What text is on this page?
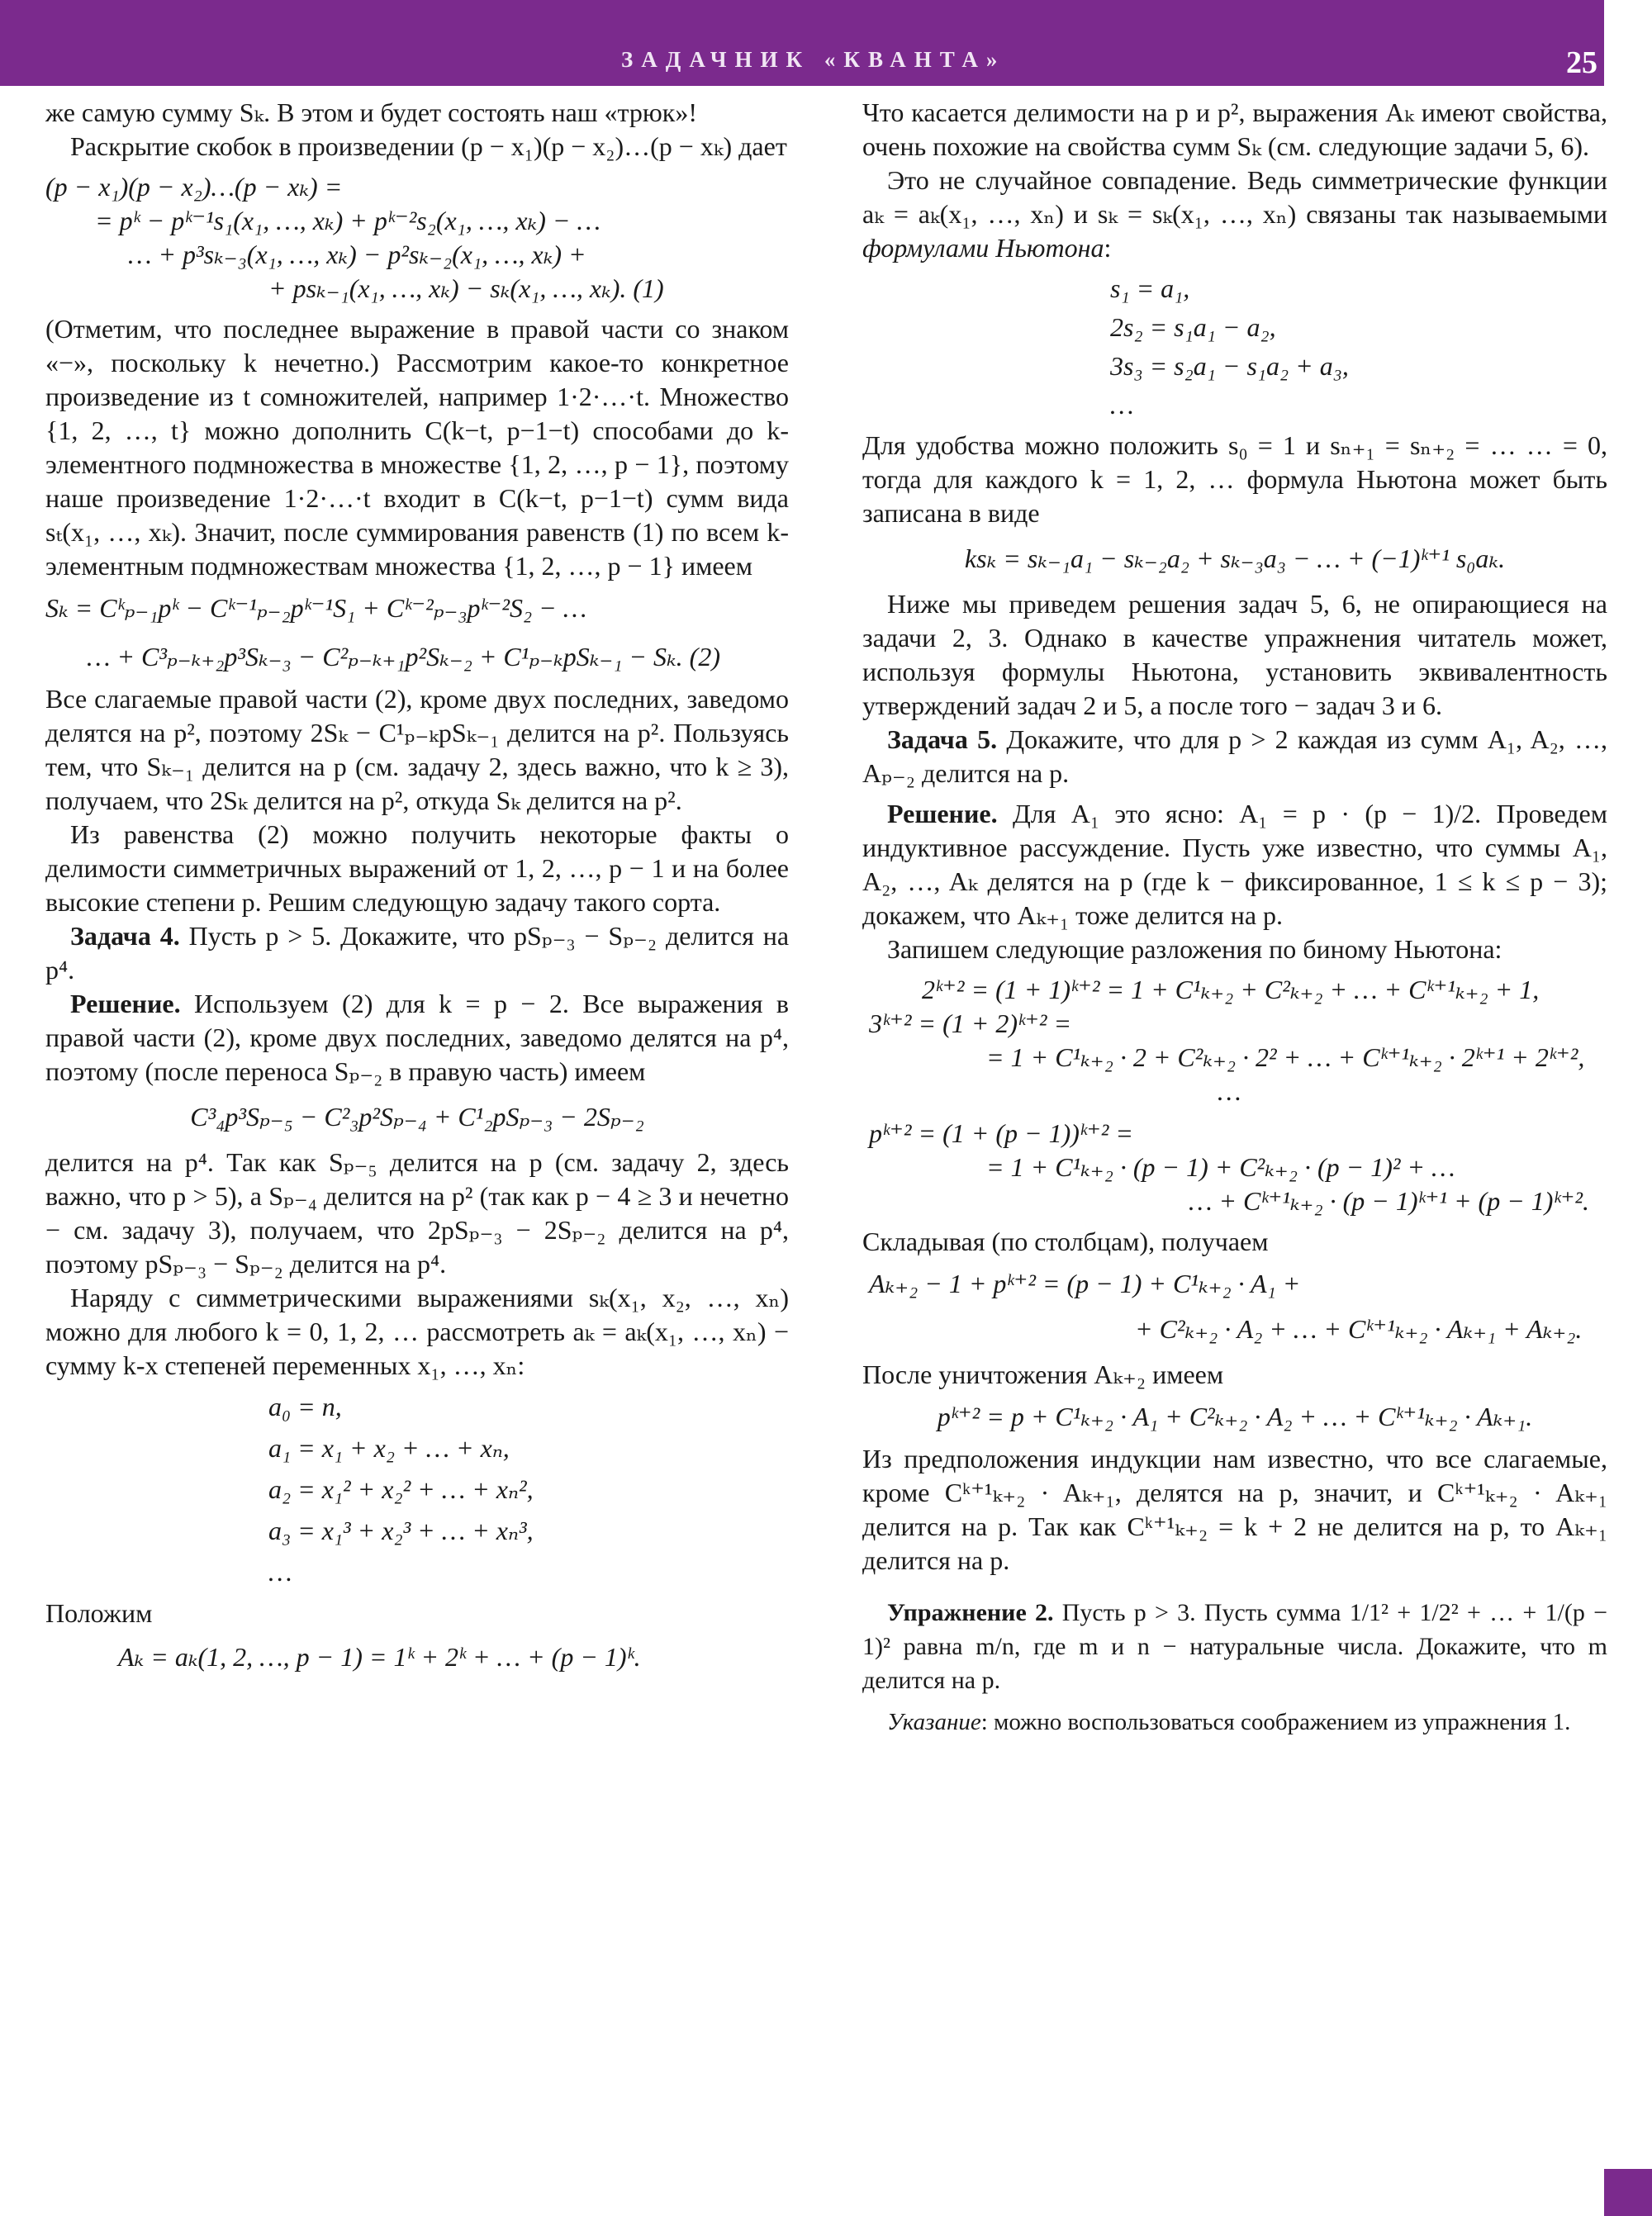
ЗАДАЧНИК «КВАНТА»	25

же самую сумму Sₖ. В этом и будет состоять наш «трюк»!

Раскрытие скобок в произведении (p − x₁)(p − x₂)…(p − xₖ) дает

(p − x₁)(p − x₂)…(p − xₖ) =
= pᵏ − pᵏ⁻¹s₁(x₁, …, xₖ) + pᵏ⁻²s₂(x₁, …, xₖ) − …
… + p³sₖ₋₃(x₁, …, xₖ) − p²sₖ₋₂(x₁, …, xₖ) +
+ psₖ₋₁(x₁, …, xₖ) − sₖ(x₁, …, xₖ). (1)

(Отметим, что последнее выражение в правой части со знаком «−», поскольку k нечетно.) Рассмотрим какое-то конкретное произведение из t сомножителей, например 1·2·…·t. Множество {1, 2, …, t} можно дополнить C(k−t, p−1−t) способами до k-элементного подмножества в множестве {1, 2, …, p − 1}, поэтому наше произведение 1·2·…·t входит в C(k−t, p−1−t) сумм вида sₜ(x₁, …, xₖ). Значит, после суммирования равенств (1) по всем k-элементным подмножествам множества {1, 2, …, p − 1} имеем

Sₖ = Cᵏₚ₋₁pᵏ − Cᵏ⁻¹ₚ₋₂pᵏ⁻¹S₁ + Cᵏ⁻²ₚ₋₃pᵏ⁻²S₂ − …
… + C³ₚ₋ₖ₊₂p³Sₖ₋₃ − C²ₚ₋ₖ₊₁p²Sₖ₋₂ + C¹ₚ₋ₖpSₖ₋₁ − Sₖ. (2)

Все слагаемые правой части (2), кроме двух последних, заведомо делятся на p², поэтому 2Sₖ − C¹ₚ₋ₖpSₖ₋₁ делится на p². Пользуясь тем, что Sₖ₋₁ делится на p (см. задачу 2, здесь важно, что k ≥ 3), получаем, что 2Sₖ делится на p², откуда Sₖ делится на p².

Из равенства (2) можно получить некоторые факты о делимости симметричных выражений от 1, 2, …, p − 1 и на более высокие степени p. Решим следующую задачу такого сорта.

Задача 4. Пусть p > 5. Докажите, что pSₚ₋₃ − Sₚ₋₂ делится на p⁴.

Решение. Используем (2) для k = p − 2. Все выражения в правой части (2), кроме двух последних, заведомо делятся на p⁴, поэтому (после переноса Sₚ₋₂ в правую часть) имеем

C³₄p³Sₚ₋₅ − C²₃p²Sₚ₋₄ + C¹₂pSₚ₋₃ − 2Sₚ₋₂

делится на p⁴. Так как Sₚ₋₅ делится на p (см. задачу 2, здесь важно, что p > 5), а Sₚ₋₄ делится на p² (так как p − 4 ≥ 3 и нечетно − см. задачу 3), получаем, что 2pSₚ₋₃ − 2Sₚ₋₂ делится на p⁴, поэтому pSₚ₋₃ − Sₚ₋₂ делится на p⁴.

Наряду с симметрическими выражениями sₖ(x₁, x₂, …, xₙ) можно для любого k = 0, 1, 2, … рассмотреть aₖ = aₖ(x₁, …, xₙ) − сумму k-х степеней переменных x₁, …, xₙ:

a₀ = n,
a₁ = x₁ + x₂ + … + xₙ,
a₂ = x₁² + x₂² + … + xₙ²,
a₃ = x₁³ + x₂³ + … + xₙ³,
…

Положим

Aₖ = aₖ(1, 2, …, p − 1) = 1ᵏ + 2ᵏ + … + (p − 1)ᵏ.

Что касается делимости на p и p², выражения Aₖ имеют свойства, очень похожие на свойства сумм Sₖ (см. следующие задачи 5, 6).

Это не случайное совпадение. Ведь симметрические функции aₖ = aₖ(x₁, …, xₙ) и sₖ = sₖ(x₁, …, xₙ) связаны так называемыми формулами Ньютона:

s₁ = a₁,
2s₂ = s₁a₁ − a₂,
3s₃ = s₂a₁ − s₁a₂ + a₃,
…

Для удобства можно положить s₀ = 1 и sₙ₊₁ = sₙ₊₂ = … … = 0, тогда для каждого k = 1, 2, … формула Ньютона может быть записана в виде

ksₖ = sₖ₋₁a₁ − sₖ₋₂a₂ + sₖ₋₃a₃ − … + (−1)ᵏ⁺¹ s₀aₖ.

Ниже мы приведем решения задач 5, 6, не опирающиеся на задачи 2, 3. Однако в качестве упражнения читатель может, используя формулы Ньютона, установить эквивалентность утверждений задач 2 и 5, а после того − задач 3 и 6.

Задача 5. Докажите, что для p > 2 каждая из сумм A₁, A₂, …, Aₚ₋₂ делится на p.

Решение. Для A₁ это ясно: A₁ = p · (p − 1)/2. Проведем индуктивное рассуждение. Пусть уже известно, что суммы A₁, A₂, …, Aₖ делятся на p (где k − фиксированное, 1 ≤ k ≤ p − 3); докажем, что Aₖ₊₁ тоже делится на p.

Запишем следующие разложения по биному Ньютона:

2ᵏ⁺² = (1 + 1)ᵏ⁺² = 1 + C¹ₖ₊₂ + C²ₖ₊₂ + … + Cᵏ⁺¹ₖ₊₂ + 1,
3ᵏ⁺² = (1 + 2)ᵏ⁺² =
= 1 + C¹ₖ₊₂ · 2 + C²ₖ₊₂ · 2² + … + Cᵏ⁺¹ₖ₊₂ · 2ᵏ⁺¹ + 2ᵏ⁺²,
…
pᵏ⁺² = (1 + (p − 1))ᵏ⁺² =
= 1 + C¹ₖ₊₂ · (p − 1) + C²ₖ₊₂ · (p − 1)² + …
… + Cᵏ⁺¹ₖ₊₂ · (p − 1)ᵏ⁺¹ + (p − 1)ᵏ⁺².

Складывая (по столбцам), получаем

Aₖ₊₂ − 1 + pᵏ⁺² = (p − 1) + C¹ₖ₊₂ · A₁ +
+ C²ₖ₊₂ · A₂ + … + Cᵏ⁺¹ₖ₊₂ · Aₖ₊₁ + Aₖ₊₂.

После уничтожения Aₖ₊₂ имеем

pᵏ⁺² = p + C¹ₖ₊₂ · A₁ + C²ₖ₊₂ · A₂ + … + Cᵏ⁺¹ₖ₊₂ · Aₖ₊₁.

Из предположения индукции нам известно, что все слагаемые, кроме Cᵏ⁺¹ₖ₊₂ · Aₖ₊₁, делятся на p, значит, и Cᵏ⁺¹ₖ₊₂ · Aₖ₊₁ делится на p. Так как Cᵏ⁺¹ₖ₊₂ = k + 2 не делится на p, то Aₖ₊₁ делится на p.

Упражнение 2. Пусть p > 3. Пусть сумма 1/1² + 1/2² + … + 1/(p − 1)² равна m/n, где m и n − натуральные числа. Докажите, что m делится на p.

Указание: можно воспользоваться соображением из упражнения 1.
